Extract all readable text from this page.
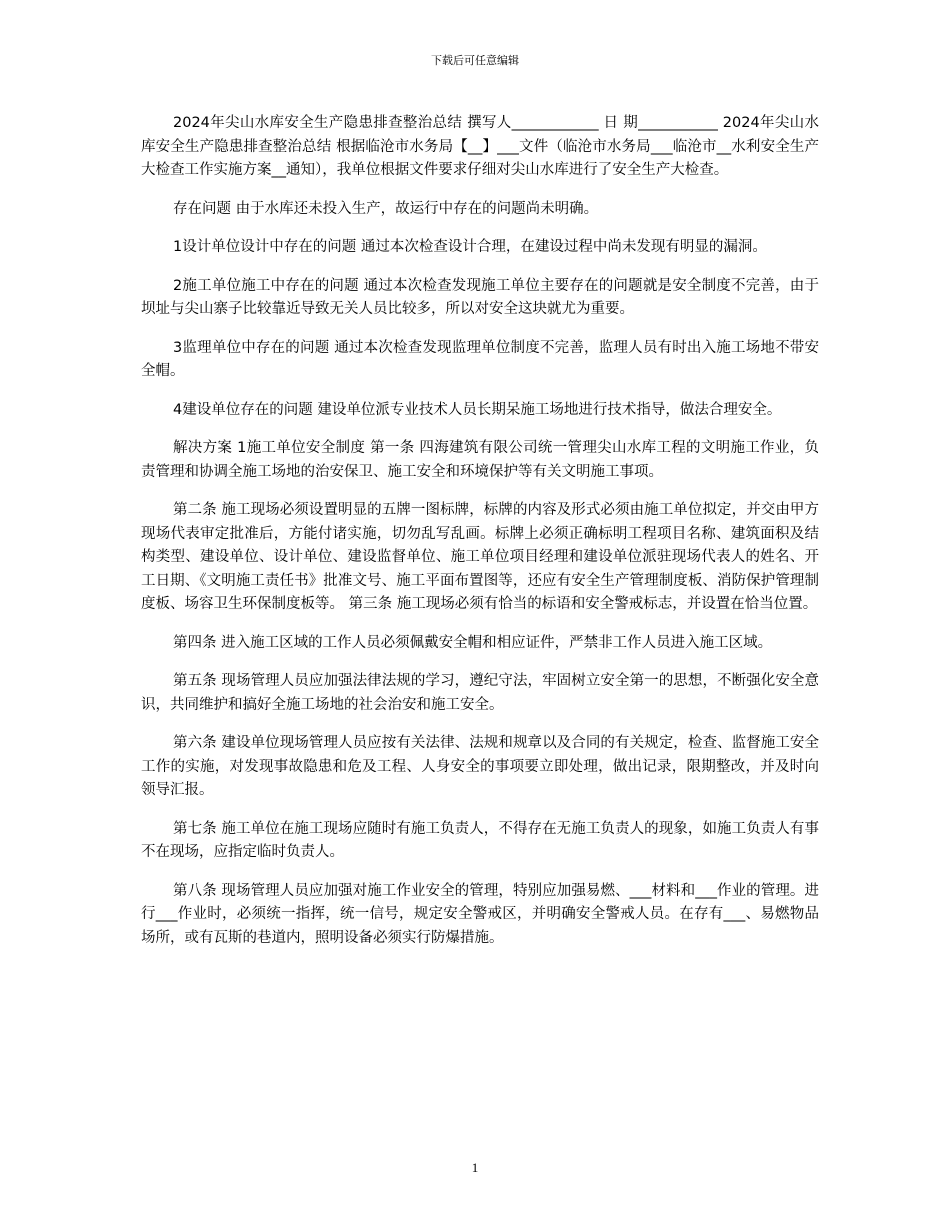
下载后可任意编辑

2024年尖山水库安全生产隐患排查整治总结 撰写人____________ 日 期___________ 2024年尖山水库安全生产隐患排查整治总结 根据临沧市水务局【__】___文件（临沧市水务局___临沧市__水利安全生产大检查工作实施方案__通知），我单位根据文件要求仔细对尖山水库进行了安全生产大检查。

存在问题 由于水库还未投入生产，故运行中存在的问题尚未明确。

1设计单位设计中存在的问题 通过本次检查设计合理，在建设过程中尚未发现有明显的漏洞。

2施工单位施工中存在的问题 通过本次检查发现施工单位主要存在的问题就是安全制度不完善，由于坝址与尖山寨子比较靠近导致无关人员比较多，所以对安全这块就尤为重要。

3监理单位中存在的问题 通过本次检查发现监理单位制度不完善，监理人员有时出入施工场地不带安全帽。

4建设单位存在的问题 建设单位派专业技术人员长期呆施工场地进行技术指导，做法合理安全。

解决方案 1施工单位安全制度 第一条 四海建筑有限公司统一管理尖山水库工程的文明施工作业，负责管理和协调全施工场地的治安保卫、施工安全和环境保护等有关文明施工事项。

第二条 施工现场必须设置明显的五牌一图标牌，标牌的内容及形式必须由施工单位拟定，并交由甲方现场代表审定批准后，方能付诸实施，切勿乱写乱画。标牌上必须正确标明工程项目名称、建筑面积及结构类型、建设单位、设计单位、建设监督单位、施工单位项目经理和建设单位派驻现场代表人的姓名、开工日期、《文明施工责任书》批准文号、施工平面布置图等，还应有安全生产管理制度板、消防保护管理制度板、场容卫生环保制度板等。 第三条 施工现场必须有恰当的标语和安全警戒标志，并设置在恰当位置。

第四条 进入施工区域的工作人员必须佩戴安全帽和相应证件，严禁非工作人员进入施工区域。

第五条 现场管理人员应加强法律法规的学习，遵纪守法，牢固树立安全第一的思想，不断强化安全意识，共同维护和搞好全施工场地的社会治安和施工安全。

第六条 建设单位现场管理人员应按有关法律、法规和规章以及合同的有关规定，检查、监督施工安全工作的实施，对发现事故隐患和危及工程、人身安全的事项要立即处理，做出记录，限期整改，并及时向领导汇报。

第七条 施工单位在施工现场应随时有施工负责人，不得存在无施工负责人的现象，如施工负责人有事不在现场，应指定临时负责人。

第八条 现场管理人员应加强对施工作业安全的管理，特别应加强易燃、___材料和___作业的管理。进行___作业时，必须统一指挥，统一信号，规定安全警戒区，并明确安全警戒人员。在存有___、易燃物品场所，或有瓦斯的巷道内，照明设备必须实行防爆措施。

1
